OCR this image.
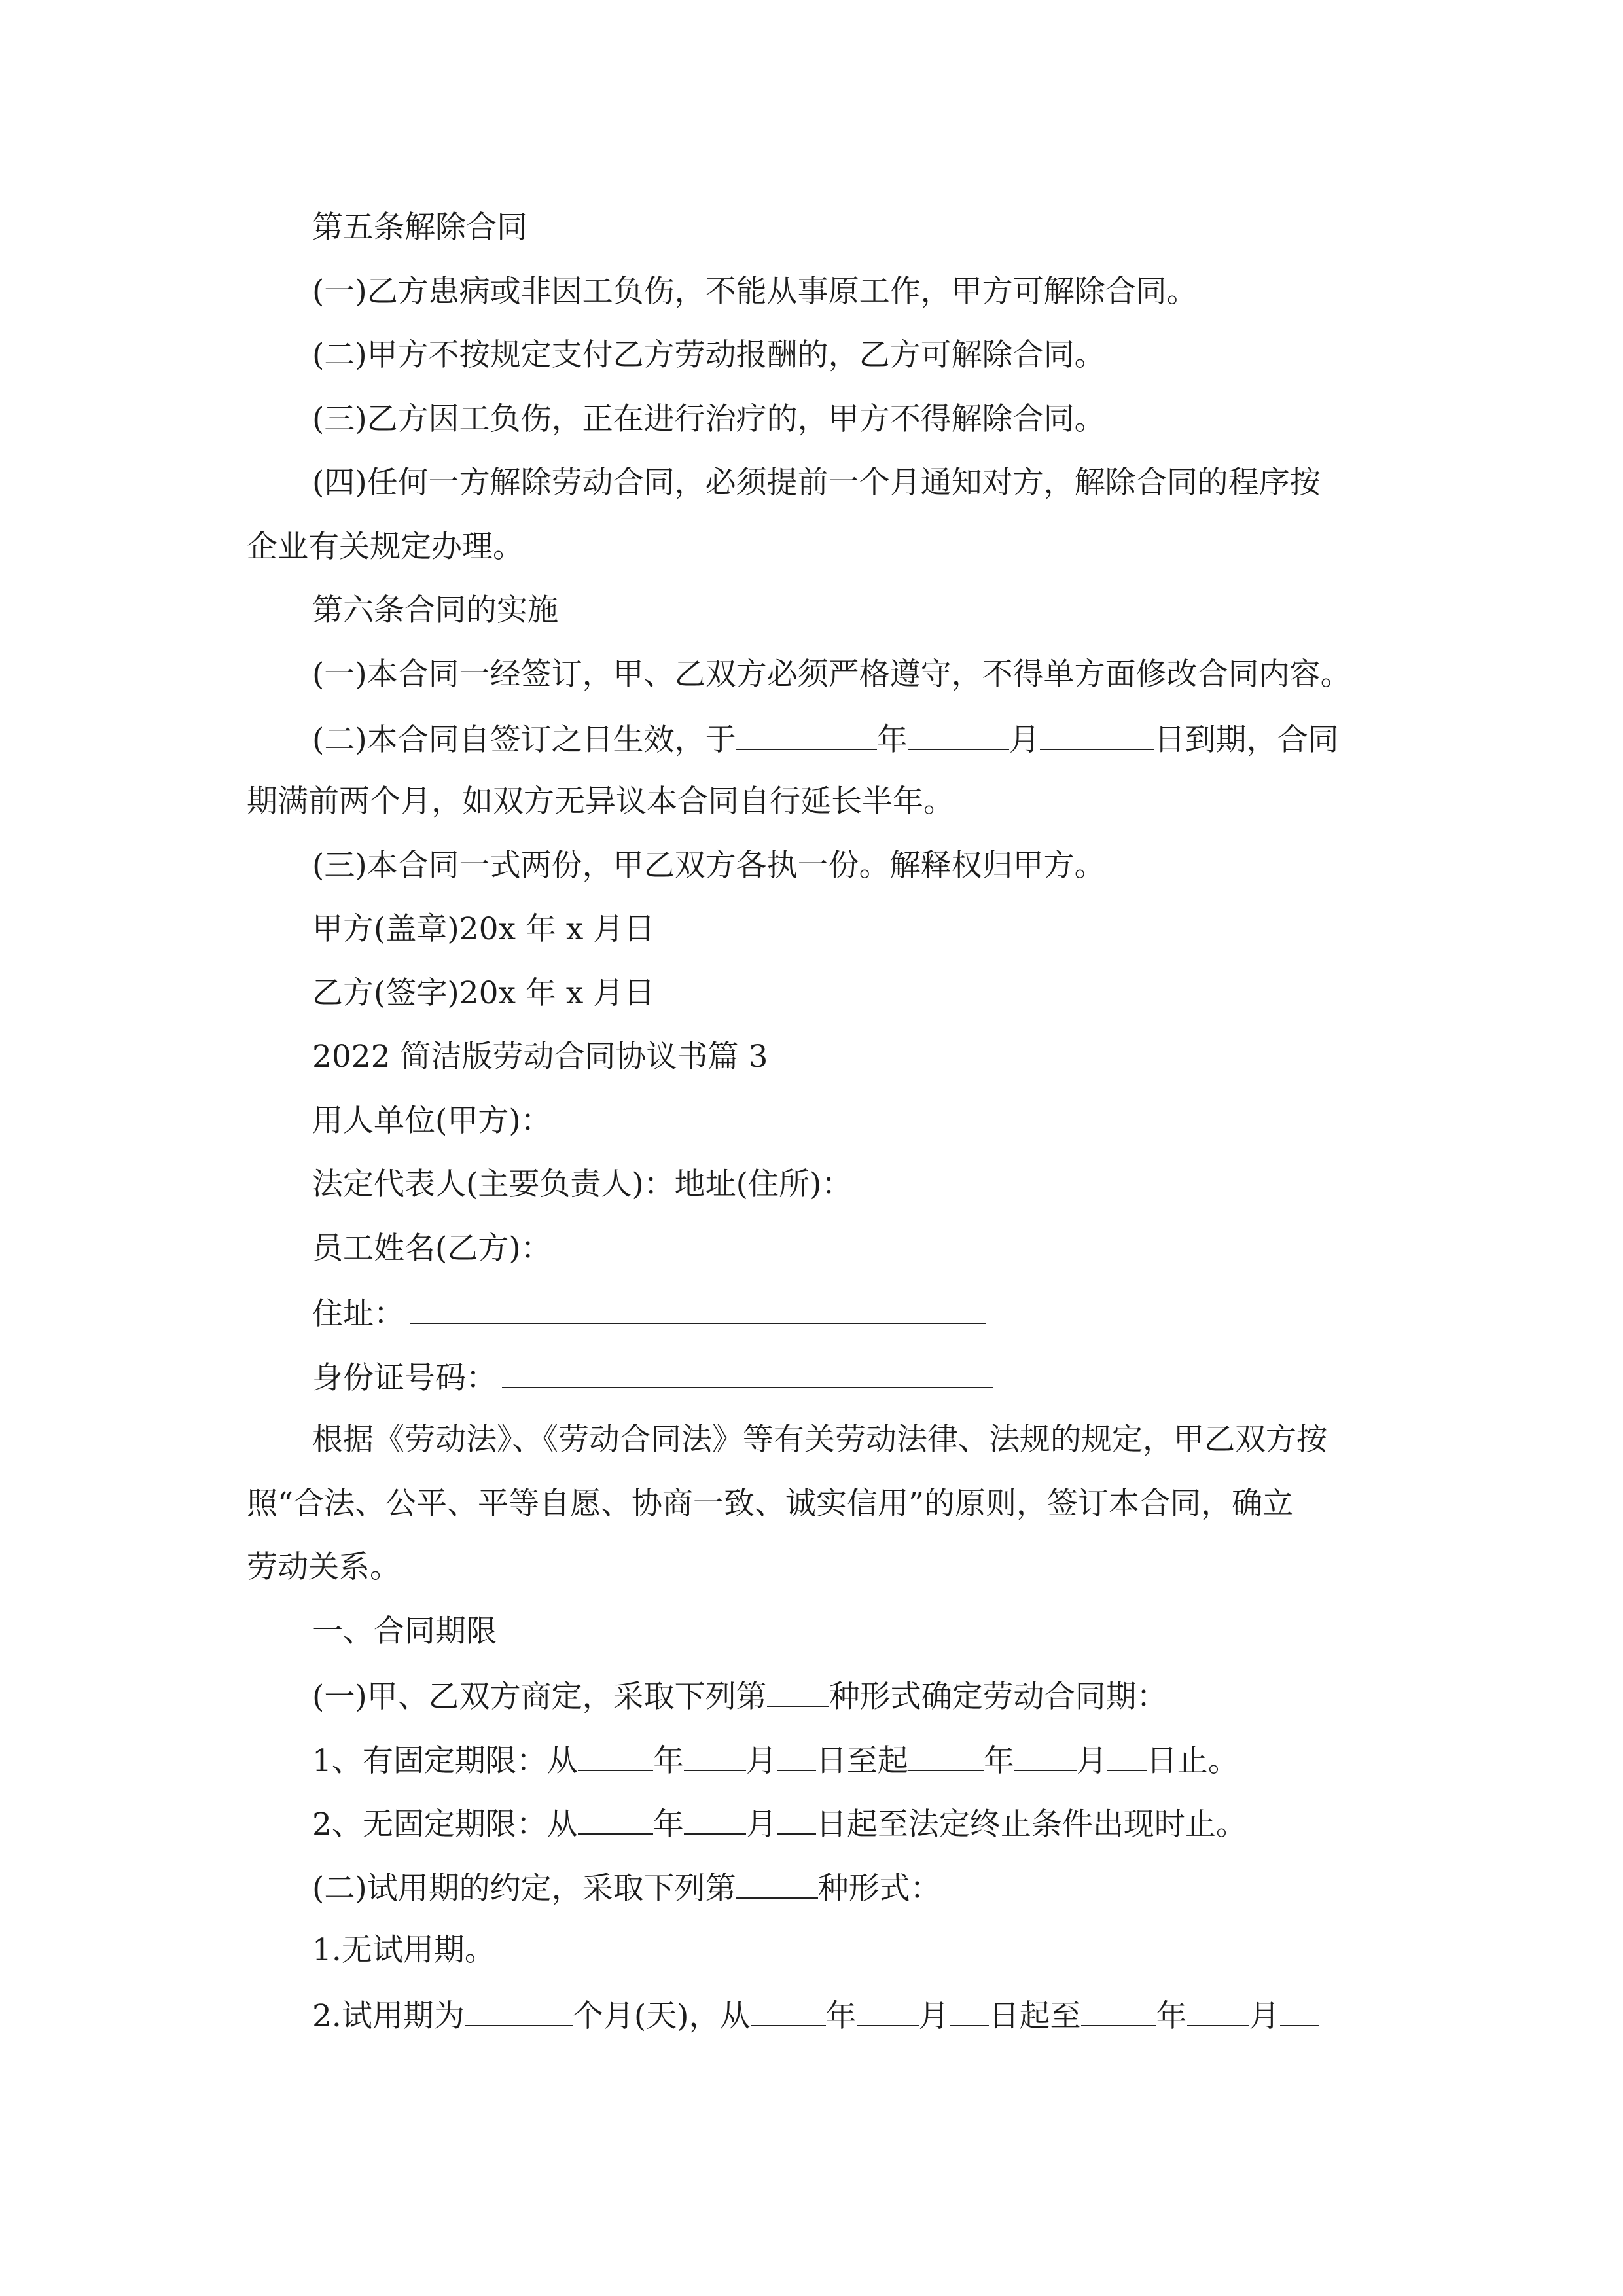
第五条解除合同
(一)乙方患病或非因工负伤，不能从事原工作，甲方可解除合同。
(二)甲方不按规定支付乙方劳动报酬的，乙方可解除合同。
(三)乙方因工负伤，正在进行治疗的，甲方不得解除合同。
(四)任何一方解除劳动合同，必须提前一个月通知对方，解除合同的程序按
企业有关规定办理。
第六条合同的实施
(一)本合同一经签订，甲、乙双方必须严格遵守，不得单方面修改合同内容。
(二)本合同自签订之日生效，于	年	月	日到期，合同
期满前两个月，如双方无异议本合同自行延长半年。
(三)本合同一式两份，甲乙双方各执一份。解释权归甲方。
甲方(盖章)20x 年 x 月日
乙方(签字)20x 年 x 月日
2022 简洁版劳动合同协议书篇 3
用人单位(甲方)：
法定代表人(主要负责人)：地址(住所)：
员工姓名(乙方)：
住址：
身份证号码：
根据《劳动法》、《劳动合同法》等有关劳动法律、法规的规定，甲乙双方按
照“合法、公平、平等自愿、协商一致、诚实信用”的原则，签订本合同，确立
劳动关系。
一、合同期限
(一)甲、乙双方商定，采取下列第 种形式确定劳动合同期：
1、有固定期限：从 年 月 日至起 年 月 日止。
2、无固定期限：从 年 月 日起至法定终止条件出现时止。
(二)试用期的约定，采取下列第	种形式：
1.无试用期。
2.试用期为	个月(天)，从 年 月 日起至 年 月
